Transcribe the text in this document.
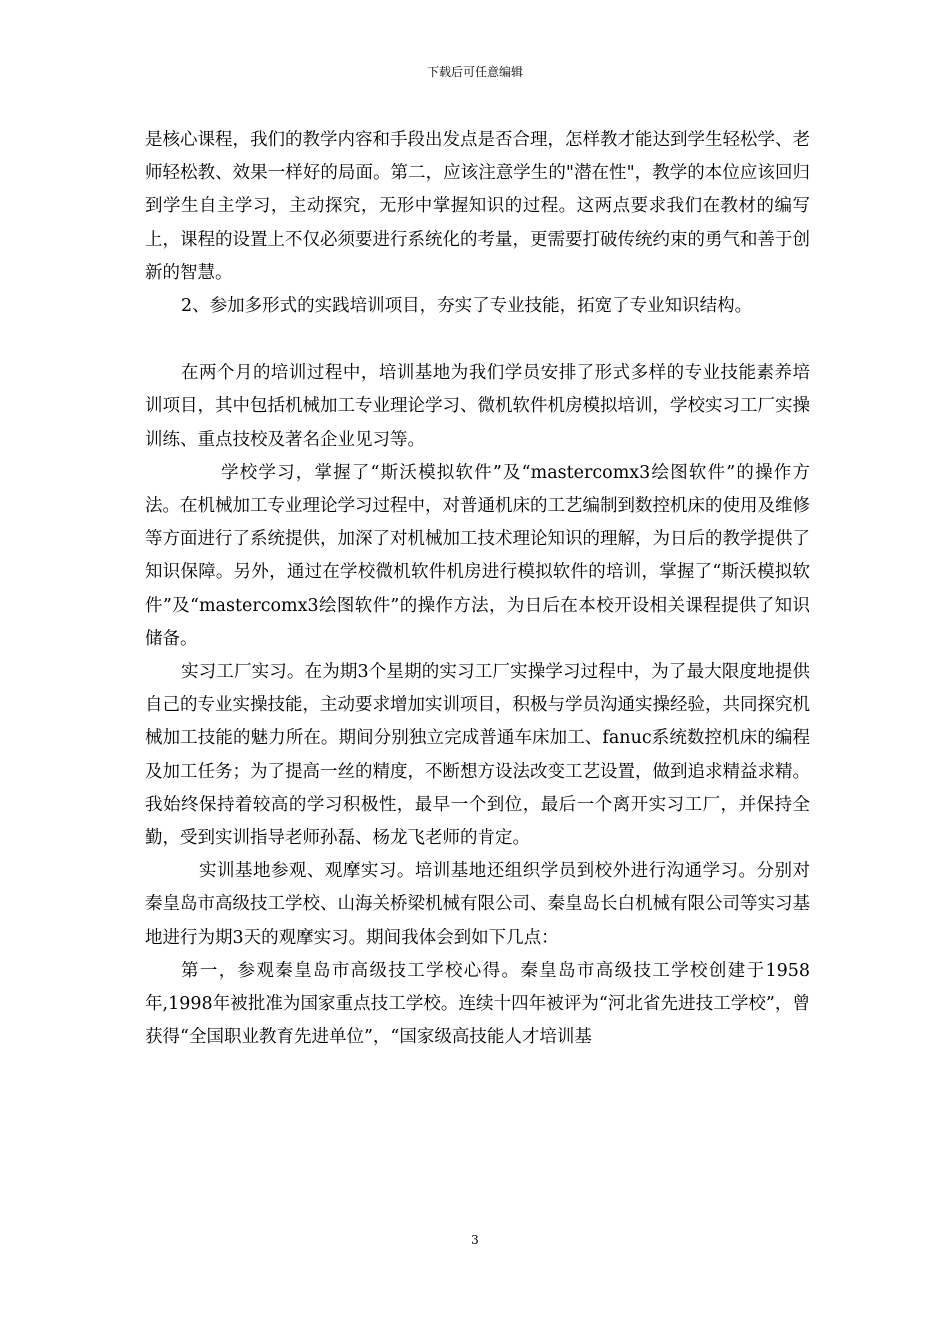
下载后可任意编辑

是核心课程，我们的教学内容和手段出发点是否合理，怎样教才能达到学生轻松学、老师轻松教、效果一样好的局面。第二，应该注意学生的"潜在性"，教学的本位应该回归到学生自主学习，主动探究，无形中掌握知识的过程。这两点要求我们在教材的编写上，课程的设置上不仅必须要进行系统化的考量，更需要打破传统约束的勇气和善于创新的智慧。

2、参加多形式的实践培训项目，夯实了专业技能，拓宽了专业知识结构。

在两个月的培训过程中，培训基地为我们学员安排了形式多样的专业技能素养培训项目，其中包括机械加工专业理论学习、微机软件机房模拟培训，学校实习工厂实操训练、重点技校及著名企业见习等。

学校学习，掌握了“斯沃模拟软件”及“mastercomx3绘图软件”的操作方法。在机械加工专业理论学习过程中，对普通机床的工艺编制到数控机床的使用及维修等方面进行了系统提供，加深了对机械加工技术理论知识的理解，为日后的教学提供了知识保障。另外，通过在学校微机软件机房进行模拟软件的培训，掌握了“斯沃模拟软件”及“mastercomx3绘图软件”的操作方法，为日后在本校开设相关课程提供了知识储备。

实习工厂实习。在为期3个星期的实习工厂实操学习过程中，为了最大限度地提供自己的专业实操技能，主动要求增加实训项目，积极与学员沟通实操经验，共同探究机械加工技能的魅力所在。期间分别独立完成普通车床加工、fanuc系统数控机床的编程及加工任务；为了提高一丝的精度，不断想方设法改变工艺设置，做到追求精益求精。我始终保持着较高的学习积极性，最早一个到位，最后一个离开实习工厂，并保持全勤，受到实训指导老师孙磊、杨龙飞老师的肯定。

实训基地参观、观摩实习。培训基地还组织学员到校外进行沟通学习。分别对秦皇岛市高级技工学校、山海关桥梁机械有限公司、秦皇岛长白机械有限公司等实习基地进行为期3天的观摩实习。期间我体会到如下几点：

第一，参观秦皇岛市高级技工学校心得。秦皇岛市高级技工学校创建于1958年,1998年被批准为国家重点技工学校。连续十四年被评为“河北省先进技工学校”，曾获得“全国职业教育先进单位”，“国家级高技能人才培训基

3
